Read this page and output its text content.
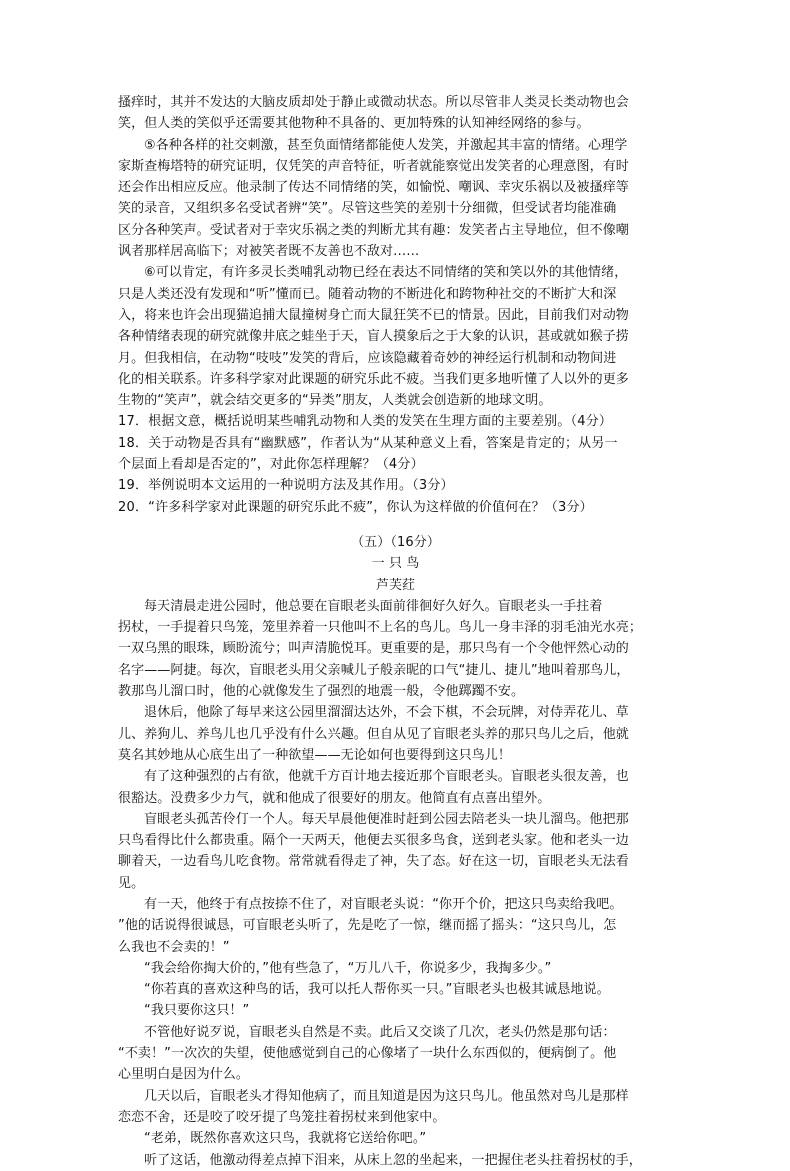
搔痒时，其并不发达的大脑皮质却处于静止或微动状态。所以尽管非人类灵长类动物也会
笑，但人类的笑似乎还需要其他物种不具备的、更加特殊的认知神经网络的参与。
⑤各种各样的社交刺激，甚至负面情绪都能使人发笑，并激起其丰富的情绪。心理学
家斯查梅塔特的研究证明，仅凭笑的声音特征，听者就能察觉出发笑者的心理意图，有时
还会作出相应反应。他录制了传达不同情绪的笑，如愉悦、嘲讽、幸灾乐祸以及被搔痒等
笑的录音，又组织多名受试者辨“笑”。尽管这些笑的差别十分细微，但受试者均能准确
区分各种笑声。受试者对于幸灾乐祸之类的判断尤其有趣：发笑者占主导地位，但不像嘲
讽者那样居高临下；对被笑者既不友善也不敌对……
⑥可以肯定，有许多灵长类哺乳动物已经在表达不同情绪的笑和笑以外的其他情绪，
只是人类还没有发现和“听”懂而已。随着动物的不断进化和跨物种社交的不断扩大和深
入，将来也许会出现猫追捕大鼠撞树身亡而大鼠狂笑不已的情景。因此，目前我们对动物
各种情绪表现的研究就像井底之蛙坐于天，盲人摸象后之于大象的认识，甚或就如猴子捞
月。但我相信，在动物“吱吱”发笑的背后，应该隐藏着奇妙的神经运行机制和动物间进
化的相关联系。许多科学家对此课题的研究乐此不疲。当我们更多地听懂了人以外的更多
生物的“笑声”，就会结交更多的“异类”朋友，人类就会创造新的地球文明。
17．根据文意，概括说明某些哺乳动物和人类的发笑在生理方面的主要差别。（4分）
18．关于动物是否具有“幽默感”，作者认为“从某种意义上看，答案是肯定的；从另一
个层面上看却是否定的”，对此你怎样理解？（4分）
19．举例说明本文运用的一种说明方法及其作用。（3分）
20．“许多科学家对此课题的研究乐此不疲”，你认为这样做的价值何在？（3分）
（五）（16分）
一 只 鸟
芦芙荭
每天清晨走进公园时，他总要在盲眼老头面前徘徊好久好久。盲眼老头一手拄着
拐杖，一手提着只鸟笼，笼里养着一只他叫不上名的鸟儿。鸟儿一身丰泽的羽毛油光水亮；
一双乌黑的眼珠，顾盼流兮；叫声清脆悦耳。更重要的是，那只鸟有一个令他怦然心动的
名字——阿捷。每次，盲眼老头用父亲喊儿子般亲昵的口气“捷儿、捷儿”地叫着那鸟儿，
教那鸟儿溜口时，他的心就像发生了强烈的地震一般，令他踯躅不安。
退休后，他除了每早来这公园里溜溜达达外，不会下棋，不会玩牌，对侍弄花儿、草
儿、养狗儿、养鸟儿也几乎没有什么兴趣。但自从见了盲眼老头养的那只鸟儿之后，他就
莫名其妙地从心底生出了一种欲望——无论如何也要得到这只鸟儿！
有了这种强烈的占有欲，他就千方百计地去接近那个盲眼老头。盲眼老头很友善，也
很豁达。没费多少力气，就和他成了很要好的朋友。他简直有点喜出望外。
盲眼老头孤苦伶仃一个人。每天早晨他便准时赶到公园去陪老头一块儿溜鸟。他把那
只鸟看得比什么都贵重。隔个一天两天，他便去买很多鸟食，送到老头家。他和老头一边
聊着天，一边看鸟儿吃食物。常常就看得走了神，失了态。好在这一切，盲眼老头无法看
见。
有一天，他终于有点按捺不住了，对盲眼老头说：“你开个价，把这只鸟卖给我吧。
”他的话说得很诚恳，可盲眼老头听了，先是吃了一惊，继而摇了摇头：“这只鸟儿，怎
么我也不会卖的！”
“我会给你掏大价的，”他有些急了，“万儿八千，你说多少，我掏多少。”
“你若真的喜欢这种鸟的话，我可以托人帮你买一只。”盲眼老头也极其诚恳地说。
“我只要你这只！”
不管他好说歹说，盲眼老头自然是不卖。此后又交谈了几次，老头仍然是那句话：
“不卖！”一次次的失望，使他感觉到自己的心像堵了一块什么东西似的，便病倒了。他
心里明白是因为什么。
几天以后，盲眼老头才得知他病了，而且知道是因为这只鸟儿。他虽然对鸟儿是那样
恋恋不舍，还是咬了咬牙提了鸟笼拄着拐杖来到他家中。
“老弟，既然你喜欢这只鸟，我就将它送给你吧。”
听了这话，他激动得差点掉下泪来，从床上忽的坐起来，一把握住老头拄着拐杖的手，
